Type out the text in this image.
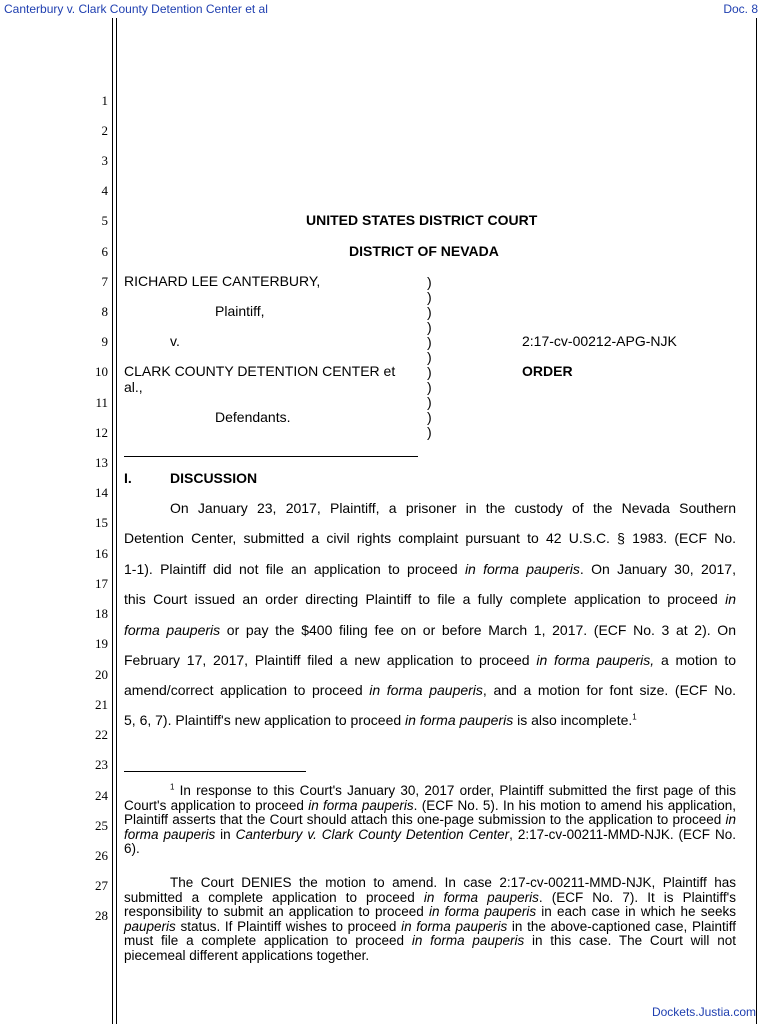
Canterbury v. Clark County Detention Center et al	Doc. 8
Dockets.Justia.com
1
2
3
4
5
6
7
8
9
10
11
12
13
14
15
16
17
18
19
20
21
22
23
24
25
26
27
28
UNITED STATES DISTRICT COURT
DISTRICT OF NEVADA
RICHARD LEE CANTERBURY,
Plaintiff,
v.
CLARK COUNTY DETENTION CENTER et
al.,
Defendants.
)
)
)
)
)
)
)
)
)
)
)
2:17-cv-00212-APG-NJK
ORDER
I.	DISCUSSION
On January 23, 2017, Plaintiff, a prisoner in the custody of the Nevada Southern
Detention Center, submitted a civil rights complaint pursuant to 42 U.S.C. § 1983. (ECF No.
1-1). Plaintiff did not file an application to proceed in forma pauperis. On January 30, 2017,
this Court issued an order directing Plaintiff to file a fully complete application to proceed in
forma pauperis or pay the $400 filing fee on or before March 1, 2017. (ECF No. 3 at 2). On
February 17, 2017, Plaintiff filed a new application to proceed in forma pauperis, a motion to
amend/correct application to proceed in forma pauperis, and a motion for font size. (ECF No.
5, 6, 7). Plaintiff's new application to proceed in forma pauperis is also incomplete.$^1$
$^1$ In response to this Court's January 30, 2017 order, Plaintiff submitted the first page of this Court's application to proceed in forma pauperis. (ECF No. 5). In his motion to amend his application, Plaintiff asserts that the Court should attach this one-page submission to the application to proceed in forma pauperis in Canterbury v. Clark County Detention Center, 2:17-cv-00211-MMD-NJK. (ECF No. 6).
The Court DENIES the motion to amend. In case 2:17-cv-00211-MMD-NJK, Plaintiff has submitted a complete application to proceed in forma pauperis. (ECF No. 7). It is Plaintiff's responsibility to submit an application to proceed in forma pauperis in each case in which he seeks pauperis status. If Plaintiff wishes to proceed in forma pauperis in the above-captioned case, Plaintiff must file a complete application to proceed in forma pauperis in this case. The Court will not piecemeal different applications together.
